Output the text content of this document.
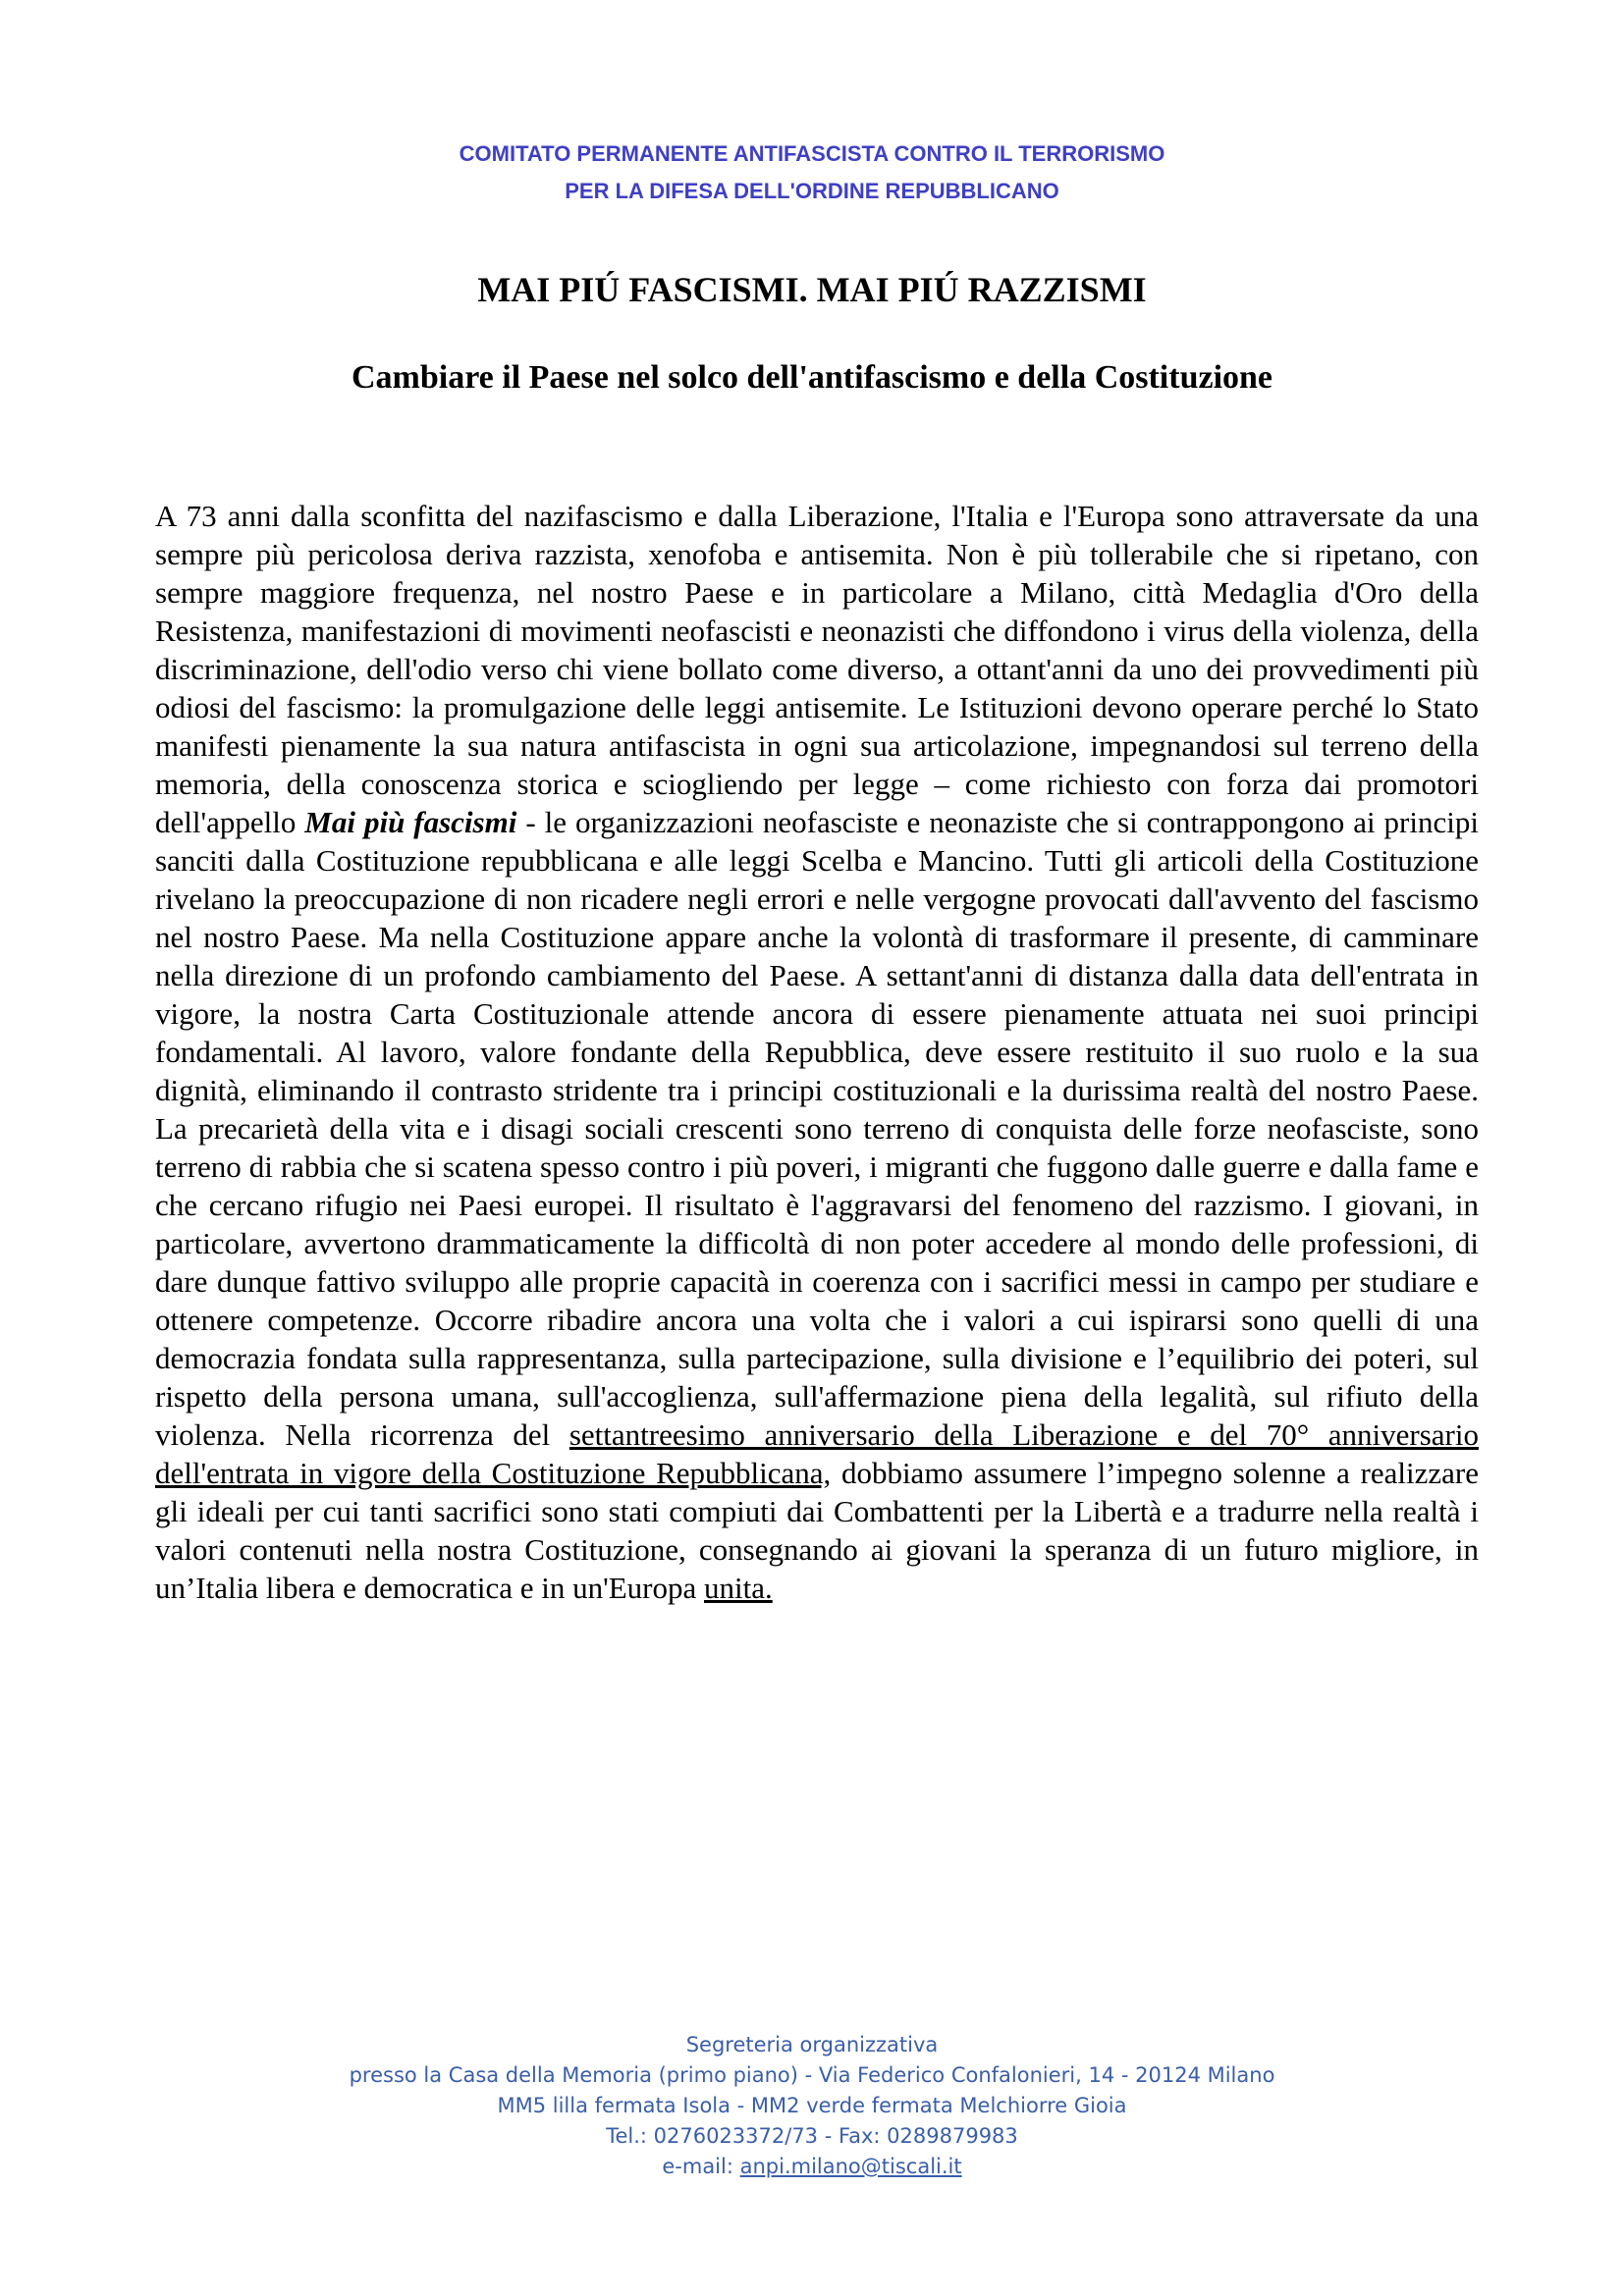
COMITATO PERMANENTE ANTIFASCISTA CONTRO IL TERRORISMO
PER LA DIFESA DELL'ORDINE REPUBBLICANO
MAI PIÚ FASCISMI. MAI PIÚ RAZZISMI
Cambiare il Paese nel solco dell'antifascismo e della Costituzione
A 73 anni dalla sconfitta del nazifascismo e dalla Liberazione, l'Italia e l'Europa sono attraversate da una sempre più pericolosa deriva razzista, xenofoba e antisemita. Non è più tollerabile che si ripetano, con sempre maggiore frequenza, nel nostro Paese e in particolare a Milano, città Medaglia d'Oro della Resistenza, manifestazioni di movimenti neofascisti e neonazisti che diffondono i virus della violenza, della discriminazione, dell'odio verso chi viene bollato come diverso, a ottant'anni da uno dei provvedimenti più odiosi del fascismo: la promulgazione delle leggi antisemite. Le Istituzioni devono operare perché lo Stato manifesti pienamente la sua natura antifascista in ogni sua articolazione, impegnandosi sul terreno della memoria, della conoscenza storica e sciogliendo per legge – come richiesto con forza dai promotori dell'appello Mai più fascismi - le organizzazioni neofasciste e neonaziste che si contrappongono ai principi sanciti dalla Costituzione repubblicana e alle leggi Scelba e Mancino. Tutti gli articoli della Costituzione rivelano la preoccupazione di non ricadere negli errori e nelle vergogne provocati dall'avvento del fascismo nel nostro Paese. Ma nella Costituzione appare anche la volontà di trasformare il presente, di camminare nella direzione di un profondo cambiamento del Paese. A settant'anni di distanza dalla data dell'entrata in vigore, la nostra Carta Costituzionale attende ancora di essere pienamente attuata nei suoi principi fondamentali. Al lavoro, valore fondante della Repubblica, deve essere restituito il suo ruolo e la sua dignità, eliminando il contrasto stridente tra i principi costituzionali e la durissima realtà del nostro Paese. La precarietà della vita e i disagi sociali crescenti sono terreno di conquista delle forze neofasciste, sono terreno di rabbia che si scatena spesso contro i più poveri, i migranti che fuggono dalle guerre e dalla fame e che cercano rifugio nei Paesi europei. Il risultato è l'aggravarsi del fenomeno del razzismo. I giovani, in particolare, avvertono drammaticamente la difficoltà di non poter accedere al mondo delle professioni, di dare dunque fattivo sviluppo alle proprie capacità in coerenza con i sacrifici messi in campo per studiare e ottenere competenze. Occorre ribadire ancora una volta che i valori a cui ispirarsi sono quelli di una democrazia fondata sulla rappresentanza, sulla partecipazione, sulla divisione e l’equilibrio dei poteri, sul rispetto della persona umana, sull'accoglienza, sull'affermazione piena della legalità, sul rifiuto della violenza. Nella ricorrenza del settantreesimo anniversario della Liberazione e del 70° anniversario dell'entrata in vigore della Costituzione Repubblicana, dobbiamo assumere l’impegno solenne a realizzare gli ideali per cui tanti sacrifici sono stati compiuti dai Combattenti per la Libertà e a tradurre nella realtà i valori contenuti nella nostra Costituzione, consegnando ai giovani la speranza di un futuro migliore, in un’Italia libera e democratica e in un'Europa unita.
Segreteria organizzativa
presso la Casa della Memoria (primo piano) - Via Federico Confalonieri, 14 - 20124 Milano
MM5 lilla fermata Isola - MM2 verde fermata Melchiorre Gioia
Tel.: 0276023372/73 - Fax: 0289879983
e-mail: anpi.milano@tiscali.it
